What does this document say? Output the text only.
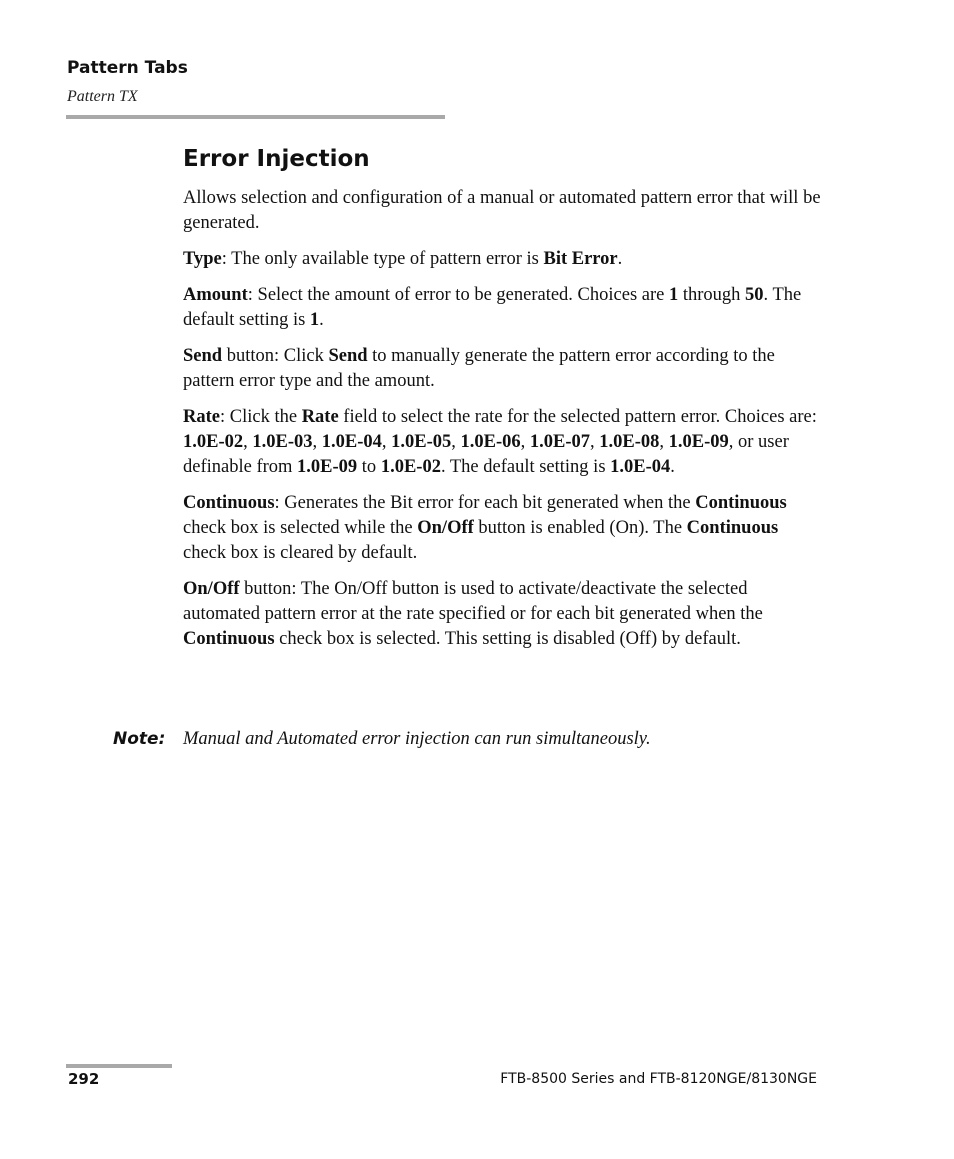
Pattern Tabs
Pattern TX
Error Injection

Allows selection and configuration of a manual or automated pattern error that will be generated.

Type: The only available type of pattern error is Bit Error.

Amount: Select the amount of error to be generated. Choices are 1 through 50. The default setting is 1.

Send button: Click Send to manually generate the pattern error according to the pattern error type and the amount.

Rate: Click the Rate field to select the rate for the selected pattern error. Choices are: 1.0E-02, 1.0E-03, 1.0E-04, 1.0E-05, 1.0E-06, 1.0E-07, 1.0E-08, 1.0E-09, or user definable from 1.0E-09 to 1.0E-02. The default setting is 1.0E-04.

Continuous: Generates the Bit error for each bit generated when the Continuous check box is selected while the On/Off button is enabled (On). The Continuous check box is cleared by default.

On/Off button: The On/Off button is used to activate/deactivate the selected automated pattern error at the rate specified or for each bit generated when the Continuous check box is selected. This setting is disabled (Off) by default.

Note: Manual and Automated error injection can run simultaneously.
292	FTB-8500 Series and FTB-8120NGE/8130NGE
